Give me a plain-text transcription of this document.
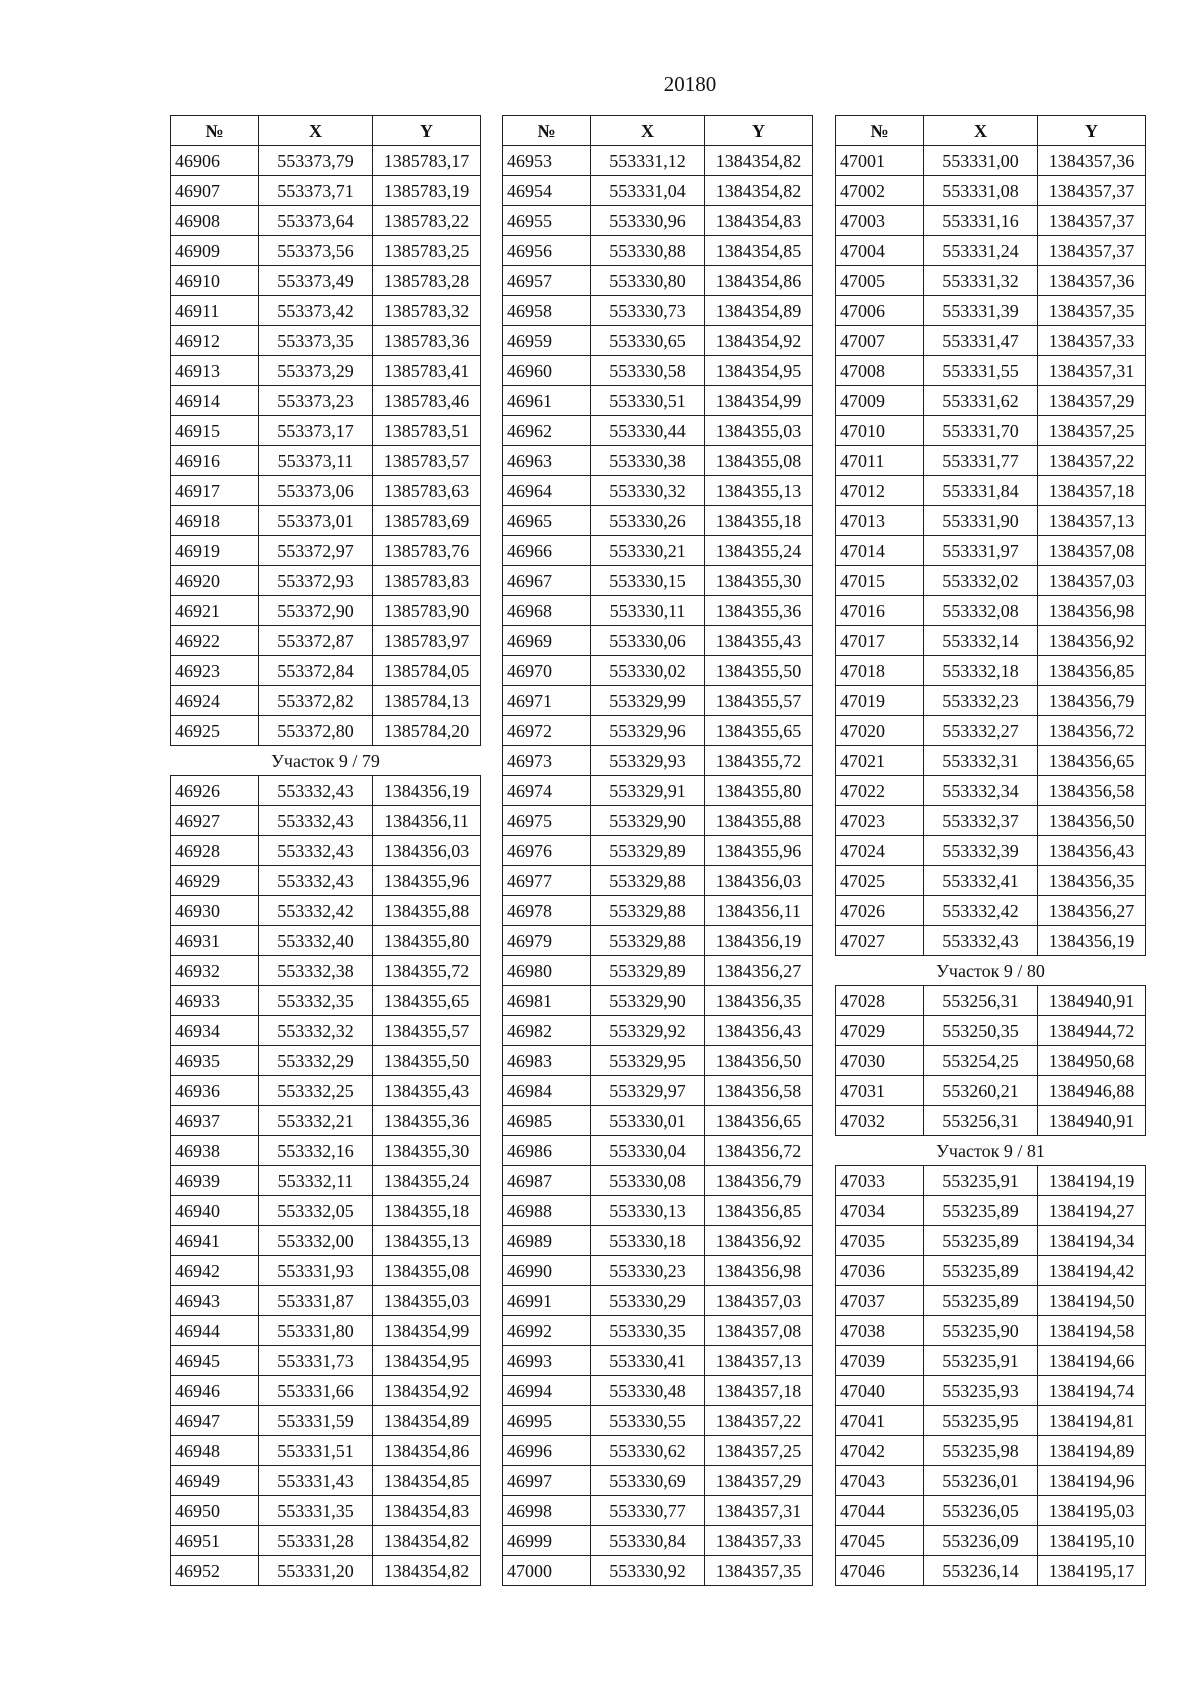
20180
№	X	Y
46906	553373,79	1385783,17
46907	553373,71	1385783,19
46908	553373,64	1385783,22
46909	553373,56	1385783,25
46910	553373,49	1385783,28
46911	553373,42	1385783,32
46912	553373,35	1385783,36
46913	553373,29	1385783,41
46914	553373,23	1385783,46
46915	553373,17	1385783,51
46916	553373,11	1385783,57
46917	553373,06	1385783,63
46918	553373,01	1385783,69
46919	553372,97	1385783,76
46920	553372,93	1385783,83
46921	553372,90	1385783,90
46922	553372,87	1385783,97
46923	553372,84	1385784,05
46924	553372,82	1385784,13
46925	553372,80	1385784,20
Участок 9 / 79		
46926	553332,43	1384356,19
46927	553332,43	1384356,11
46928	553332,43	1384356,03
46929	553332,43	1384355,96
46930	553332,42	1384355,88
46931	553332,40	1384355,80
46932	553332,38	1384355,72
46933	553332,35	1384355,65
46934	553332,32	1384355,57
46935	553332,29	1384355,50
46936	553332,25	1384355,43
46937	553332,21	1384355,36
46938	553332,16	1384355,30
46939	553332,11	1384355,24
46940	553332,05	1384355,18
46941	553332,00	1384355,13
46942	553331,93	1384355,08
46943	553331,87	1384355,03
46944	553331,80	1384354,99
46945	553331,73	1384354,95
46946	553331,66	1384354,92
46947	553331,59	1384354,89
46948	553331,51	1384354,86
46949	553331,43	1384354,85
46950	553331,35	1384354,83
46951	553331,28	1384354,82
46952	553331,20	1384354,82
№	X	Y
46953	553331,12	1384354,82
46954	553331,04	1384354,82
46955	553330,96	1384354,83
46956	553330,88	1384354,85
46957	553330,80	1384354,86
46958	553330,73	1384354,89
46959	553330,65	1384354,92
46960	553330,58	1384354,95
46961	553330,51	1384354,99
46962	553330,44	1384355,03
46963	553330,38	1384355,08
46964	553330,32	1384355,13
46965	553330,26	1384355,18
46966	553330,21	1384355,24
46967	553330,15	1384355,30
46968	553330,11	1384355,36
46969	553330,06	1384355,43
46970	553330,02	1384355,50
46971	553329,99	1384355,57
46972	553329,96	1384355,65
46973	553329,93	1384355,72
46974	553329,91	1384355,80
46975	553329,90	1384355,88
46976	553329,89	1384355,96
46977	553329,88	1384356,03
46978	553329,88	1384356,11
46979	553329,88	1384356,19
46980	553329,89	1384356,27
46981	553329,90	1384356,35
46982	553329,92	1384356,43
46983	553329,95	1384356,50
46984	553329,97	1384356,58
46985	553330,01	1384356,65
46986	553330,04	1384356,72
46987	553330,08	1384356,79
46988	553330,13	1384356,85
46989	553330,18	1384356,92
46990	553330,23	1384356,98
46991	553330,29	1384357,03
46992	553330,35	1384357,08
46993	553330,41	1384357,13
46994	553330,48	1384357,18
46995	553330,55	1384357,22
46996	553330,62	1384357,25
46997	553330,69	1384357,29
46998	553330,77	1384357,31
46999	553330,84	1384357,33
47000	553330,92	1384357,35
№	X	Y
47001	553331,00	1384357,36
47002	553331,08	1384357,37
47003	553331,16	1384357,37
47004	553331,24	1384357,37
47005	553331,32	1384357,36
47006	553331,39	1384357,35
47007	553331,47	1384357,33
47008	553331,55	1384357,31
47009	553331,62	1384357,29
47010	553331,70	1384357,25
47011	553331,77	1384357,22
47012	553331,84	1384357,18
47013	553331,90	1384357,13
47014	553331,97	1384357,08
47015	553332,02	1384357,03
47016	553332,08	1384356,98
47017	553332,14	1384356,92
47018	553332,18	1384356,85
47019	553332,23	1384356,79
47020	553332,27	1384356,72
47021	553332,31	1384356,65
47022	553332,34	1384356,58
47023	553332,37	1384356,50
47024	553332,39	1384356,43
47025	553332,41	1384356,35
47026	553332,42	1384356,27
47027	553332,43	1384356,19
Участок 9 / 80		
47028	553256,31	1384940,91
47029	553250,35	1384944,72
47030	553254,25	1384950,68
47031	553260,21	1384946,88
47032	553256,31	1384940,91
Участок 9 / 81		
47033	553235,91	1384194,19
47034	553235,89	1384194,27
47035	553235,89	1384194,34
47036	553235,89	1384194,42
47037	553235,89	1384194,50
47038	553235,90	1384194,58
47039	553235,91	1384194,66
47040	553235,93	1384194,74
47041	553235,95	1384194,81
47042	553235,98	1384194,89
47043	553236,01	1384194,96
47044	553236,05	1384195,03
47045	553236,09	1384195,10
47046	553236,14	1384195,17
